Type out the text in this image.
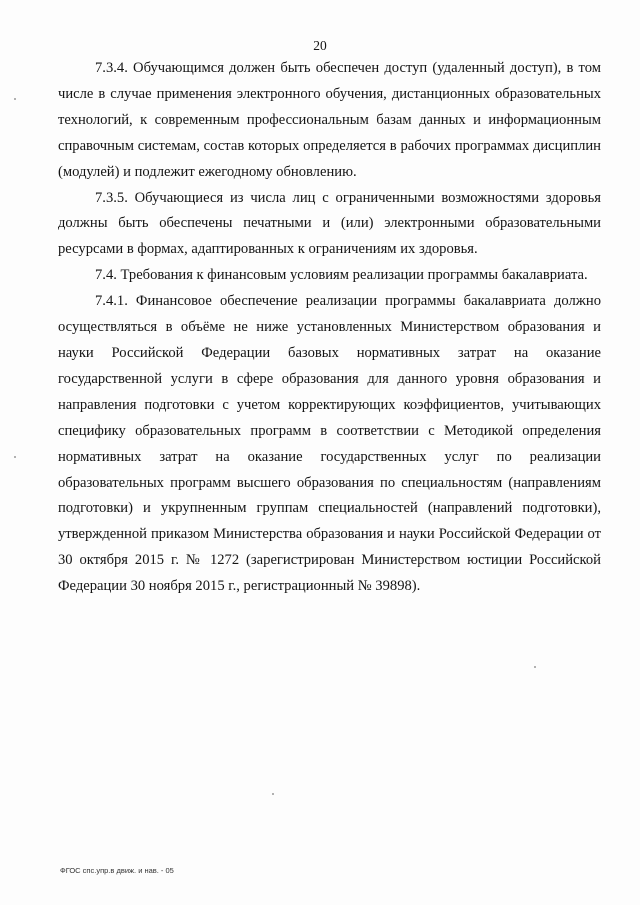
20

7.3.4. Обучающимся должен быть обеспечен доступ (удаленный доступ), в том числе в случае применения электронного обучения, дистанционных образовательных технологий, к современным профессиональным базам данных и информационным справочным системам, состав которых определяется в рабочих программах дисциплин (модулей) и подлежит ежегодному обновлению.

7.3.5. Обучающиеся из числа лиц с ограниченными возможностями здоровья должны быть обеспечены печатными и (или) электронными образовательными ресурсами в формах, адаптированных к ограничениям их здоровья.

7.4. Требования к финансовым условиям реализации программы бакалавриата.

7.4.1. Финансовое обеспечение реализации программы бакалавриата должно осуществляться в объёме не ниже установленных Министерством образования и науки Российской Федерации базовых нормативных затрат на оказание государственной услуги в сфере образования для данного уровня образования и направления подготовки с учетом корректирующих коэффициентов, учитывающих специфику образовательных программ в соответствии с Методикой определения нормативных затрат на оказание государственных услуг по реализации образовательных программ высшего образования по специальностям (направлениям подготовки) и укрупненным группам специальностей (направлений подготовки), утвержденной приказом Министерства образования и науки Российской Федерации от 30 октября 2015 г. № 1272 (зарегистрирован Министерством юстиции Российской Федерации 30 ноября 2015 г., регистрационный № 39898).

ФГОС спс.упр.в движ. и нав. - 05
